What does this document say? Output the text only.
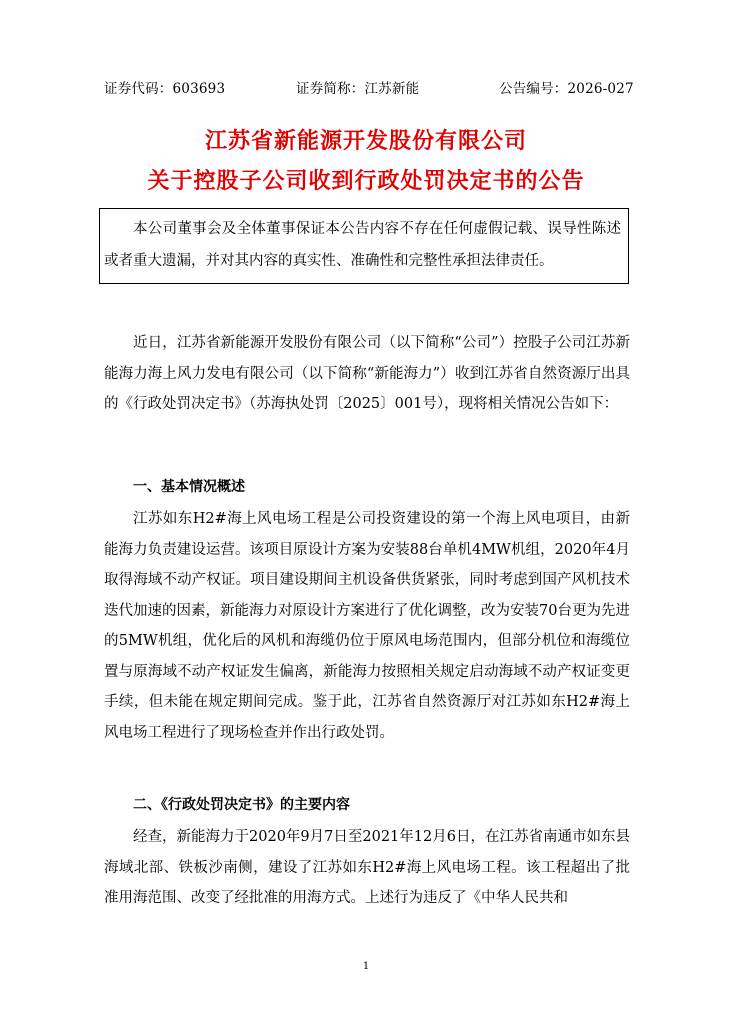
证券代码：603693	证券简称：江苏新能	公告编号：2026-027
江苏省新能源开发股份有限公司
关于控股子公司收到行政处罚决定书的公告

本公司董事会及全体董事保证本公告内容不存在任何虚假记载、误导性陈述或者重大遗漏，并对其内容的真实性、准确性和完整性承担法律责任。

近日，江苏省新能源开发股份有限公司（以下简称“公司”）控股子公司江苏新能海力海上风力发电有限公司（以下简称“新能海力”）收到江苏省自然资源厅出具的《行政处罚决定书》（苏海执处罚〔2025〕001号），现将相关情况公告如下：

一、基本情况概述

江苏如东H2#海上风电场工程是公司投资建设的第一个海上风电项目，由新能海力负责建设运营。该项目原设计方案为安装88台单机4MW机组，2020年4月取得海域不动产权证。项目建设期间主机设备供货紧张，同时考虑到国产风机技术迭代加速的因素，新能海力对原设计方案进行了优化调整，改为安装70台更为先进的5MW机组，优化后的风机和海缆仍位于原风电场范围内，但部分机位和海缆位置与原海域不动产权证发生偏离，新能海力按照相关规定启动海域不动产权证变更手续，但未能在规定期间完成。鉴于此，江苏省自然资源厅对江苏如东H2#海上风电场工程进行了现场检查并作出行政处罚。

二、《行政处罚决定书》的主要内容

经查，新能海力于2020年9月7日至2021年12月6日，在江苏省南通市如东县海域北部、铁板沙南侧，建设了江苏如东H2#海上风电场工程。该工程超出了批准用海范围、改变了经批准的用海方式。上述行为违反了《中华人民共和

1
